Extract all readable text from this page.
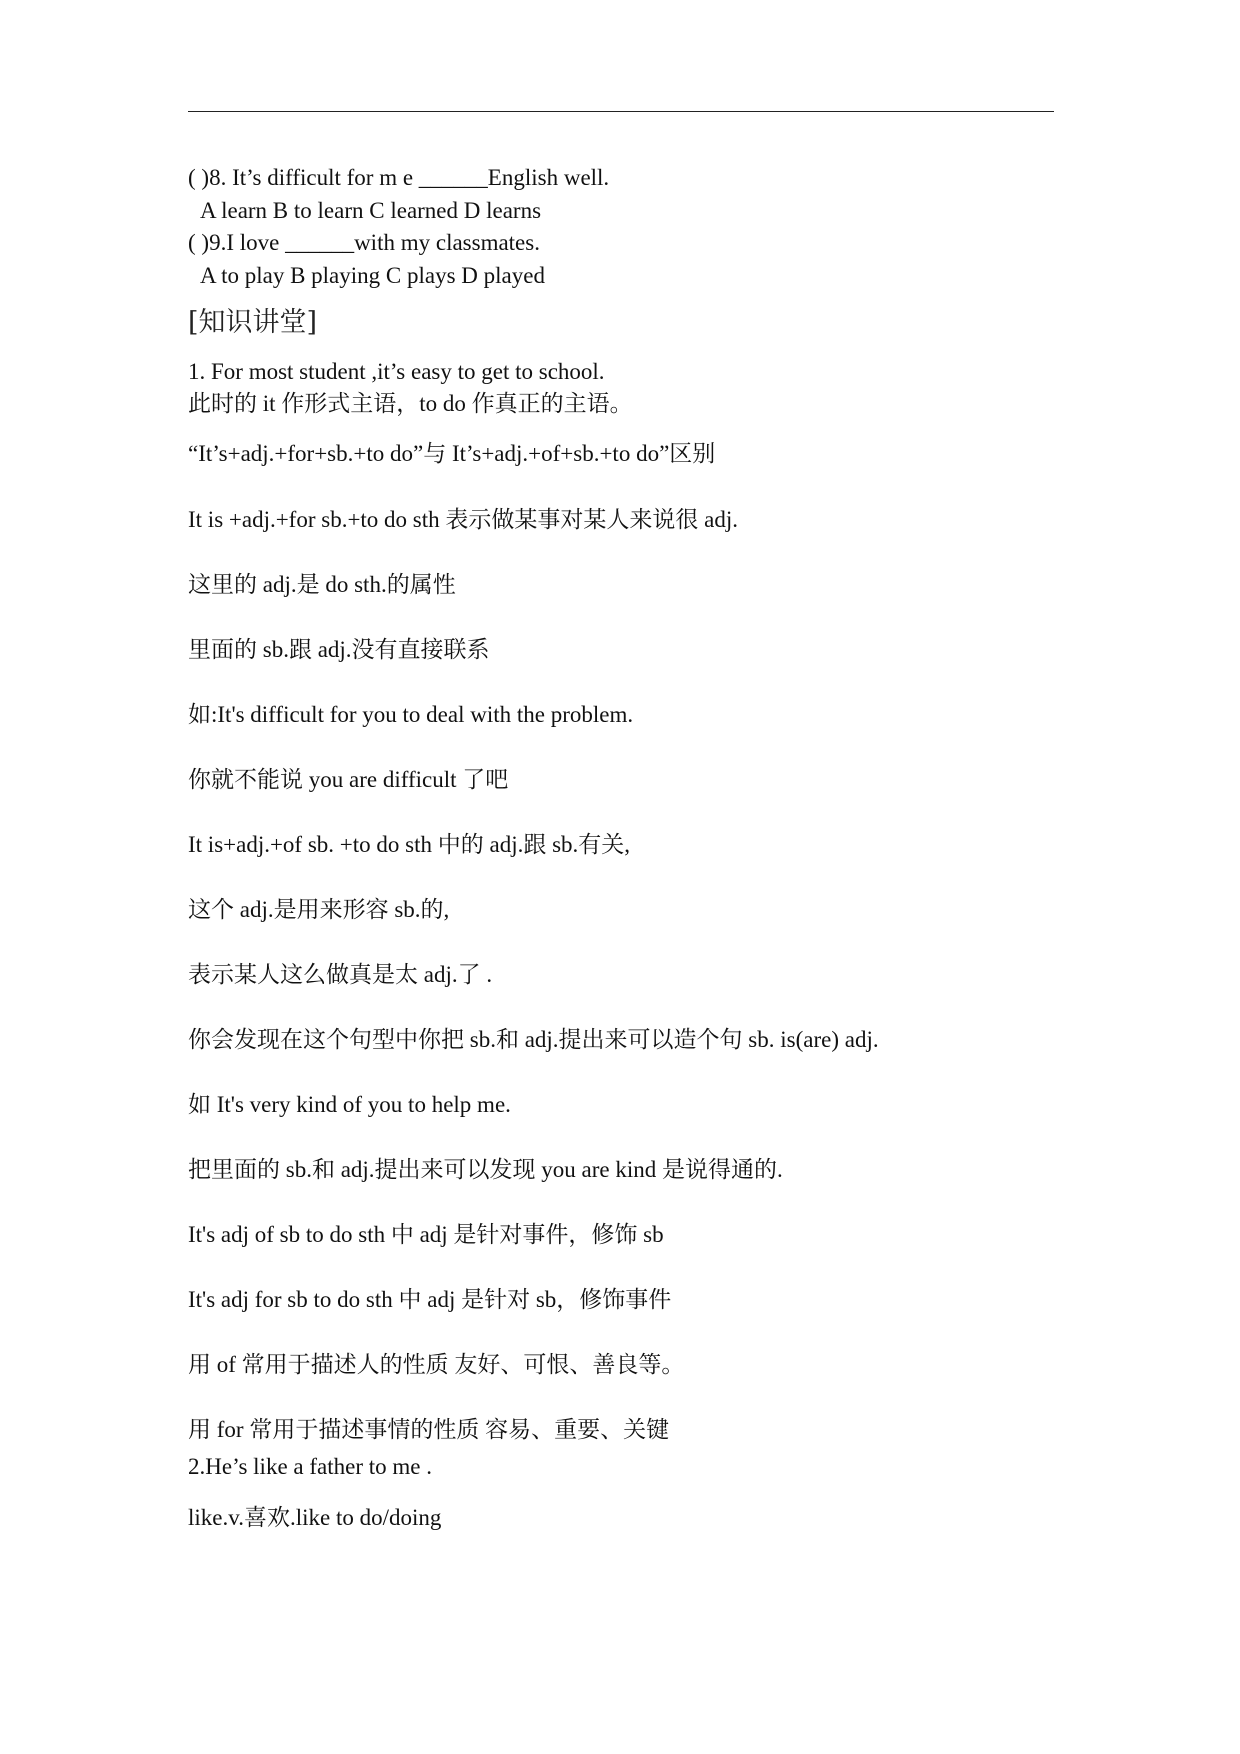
( )8. It’s difficult for m e ______English well.
A learn B to learn C learned D learns
( )9.I love ______with my classmates.
A to play B playing C plays D played
[知识讲堂]
1. For most student ,it’s easy to get to school.
此时的 it 作形式主语，to do 作真正的主语。
“It’s+adj.+for+sb.+to do”与 It’s+adj.+of+sb.+to do”区别
It is +adj.+for sb.+to do sth 表示做某事对某人来说很 adj.
这里的 adj.是 do sth.的属性
里面的 sb.跟 adj.没有直接联系
如:It's difficult for you to deal with the problem.
你就不能说 you are difficult 了吧
It is+adj.+of sb. +to do sth 中的 adj.跟 sb.有关,
这个 adj.是用来形容 sb.的,
表示某人这么做真是太 adj.了 .
你会发现在这个句型中你把 sb.和 adj.提出来可以造个句 sb. is(are) adj.
如 It's very kind of you to help me.
把里面的 sb.和 adj.提出来可以发现 you are kind 是说得通的.
It's adj of sb to do sth 中 adj 是针对事件，修饰 sb
It's adj for sb to do sth 中 adj 是针对 sb，修饰事件
用 of 常用于描述人的性质 友好、可恨、善良等。
用 for 常用于描述事情的性质 容易、重要、关键
2.He’s like a father to me .
like.v.喜欢.like to do/doing
